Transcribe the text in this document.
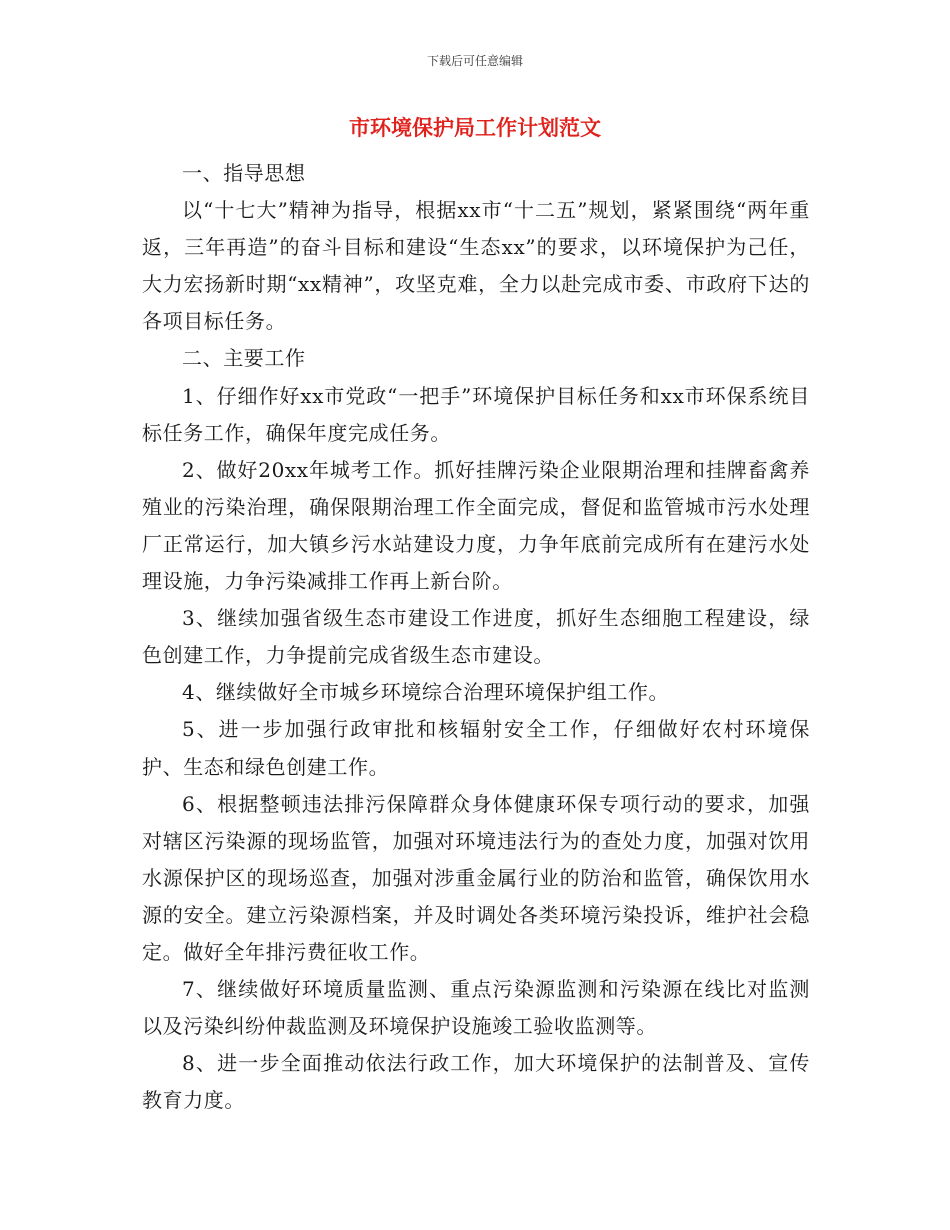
下载后可任意编辑
市环境保护局工作计划范文

一、指导思想

以“十七大”精神为指导，根据xx市“十二五”规划，紧紧围绕“两年重返，三年再造”的奋斗目标和建设“生态xx”的要求，以环境保护为己任，大力宏扬新时期“xx精神”，攻坚克难，全力以赴完成市委、市政府下达的各项目标任务。

二、主要工作

1、仔细作好xx市党政“一把手”环境保护目标任务和xx市环保系统目标任务工作，确保年度完成任务。

2、做好20xx年城考工作。抓好挂牌污染企业限期治理和挂牌畜禽养殖业的污染治理，确保限期治理工作全面完成，督促和监管城市污水处理厂正常运行，加大镇乡污水站建设力度，力争年底前完成所有在建污水处理设施，力争污染减排工作再上新台阶。

3、继续加强省级生态市建设工作进度，抓好生态细胞工程建设，绿色创建工作，力争提前完成省级生态市建设。

4、继续做好全市城乡环境综合治理环境保护组工作。

5、进一步加强行政审批和核辐射安全工作，仔细做好农村环境保护、生态和绿色创建工作。

6、根据整顿违法排污保障群众身体健康环保专项行动的要求，加强对辖区污染源的现场监管，加强对环境违法行为的查处力度，加强对饮用水源保护区的现场巡查，加强对涉重金属行业的防治和监管，确保饮用水源的安全。建立污染源档案，并及时调处各类环境污染投诉，维护社会稳定。做好全年排污费征收工作。

7、继续做好环境质量监测、重点污染源监测和污染源在线比对监测以及污染纠纷仲裁监测及环境保护设施竣工验收监测等。

8、进一步全面推动依法行政工作，加大环境保护的法制普及、宣传教育力度。
